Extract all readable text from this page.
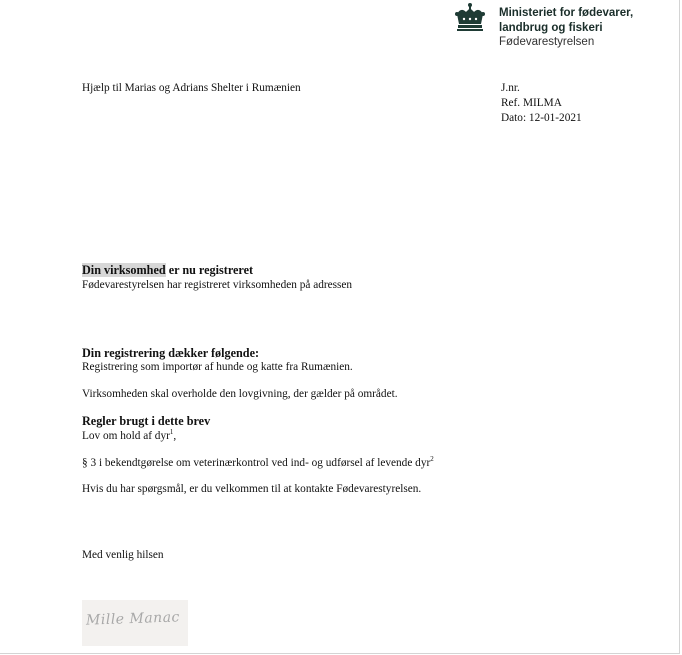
Ministeriet for fødevarer,
landbrug og fiskeri
Fødevarestyrelsen
Hjælp til Marias og Adrians Shelter i Rumænien	J.nr.
Ref. MILMA
Dato: 12-01-2021
Din virksomhed er nu registreret
Fødevarestyrelsen har registreret virksomheden på adressen
Din registrering dækker følgende:
Registrering som importør af hunde og katte fra Rumænien.
Virksomheden skal overholde den lovgivning, der gælder på området.
Regler brugt i dette brev
Lov om hold af dyr$^1$,
§ 3 i bekendtgørelse om veterinærkontrol ved ind- og udførsel af levende dyr$^2$
Hvis du har spørgsmål, er du velkommen til at kontakte Fødevarestyrelsen.
Med venlig hilsen
Mille Manac
